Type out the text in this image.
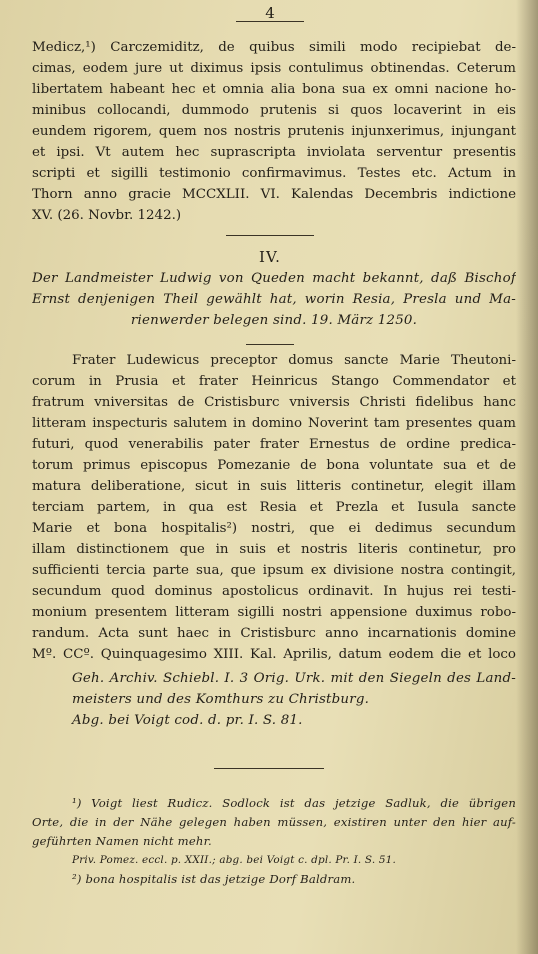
4
Medicz,¹) Carczemiditz, de quibus simili modo recipiebat de-
cimas, eodem jure ut diximus ipsis contulimus obtinendas. Ceterum
libertatem habeant hec et omnia alia bona sua ex omni nacione ho-
minibus collocandi, dummodo prutenis si quos locaverint in eis
eundem rigorem, quem nos nostris prutenis injunxerimus, injungant
et ipsi. Vt autem hec suprascripta inviolata serventur presentis
scripti et sigilli testimonio confirmavimus. Testes etc. Actum in
Thorn anno gracie MCCXLII. VI. Kalendas Decembris indictione
XV. (26. Novbr. 1242.)
IV.
Der Landmeister Ludwig von Queden macht bekannt, daß Bischof
Ernst denjenigen Theil gewählt hat, worin Resia, Presla und Ma-
rienwerder belegen sind. 19. März 1250.
Frater Ludewicus preceptor domus sancte Marie Theutoni-
corum in Prusia et frater Heinricus Stango Commendator et
fratrum vniversitas de Cristisburc vniversis Christi fidelibus hanc
litteram inspecturis salutem in domino Noverint tam presentes quam
futuri, quod venerabilis pater frater Ernestus de ordine predica-
torum primus episcopus Pomezanie de bona voluntate sua et de
matura deliberatione, sicut in suis litteris continetur, elegit illam
terciam partem, in qua est Resia et Prezla et Iusula sancte
Marie et bona hospitalis²) nostri, que ei dedimus secundum
illam distinctionem que in suis et nostris literis continetur, pro
sufficienti tercia parte sua, que ipsum ex divisione nostra contingit,
secundum quod dominus apostolicus ordinavit. In hujus rei testi-
monium presentem litteram sigilli nostri appensione duximus robo-
randum. Acta sunt haec in Cristisburc anno incarnationis domine
Mº. CCº. Quinquagesimo XIII. Kal. Aprilis, datum eodem die et loco
Geh. Archiv. Schiebl. I. 3 Orig. Urk. mit den Siegeln des Land-
meisters und des Komthurs zu Christburg.
Abg. bei Voigt cod. d. pr. I. S. 81.
¹) Voigt liest Rudicz. Sodlock ist das jetzige Sadluk, die übrigen
Orte, die in der Nähe gelegen haben müssen, existiren unter den hier auf-
geführten Namen nicht mehr.
Priv. Pomez. eccl. p. XXII.; abg. bei Voigt c. dpl. Pr. I. S. 51.
²) bona hospitalis ist das jetzige Dorf Baldram.
